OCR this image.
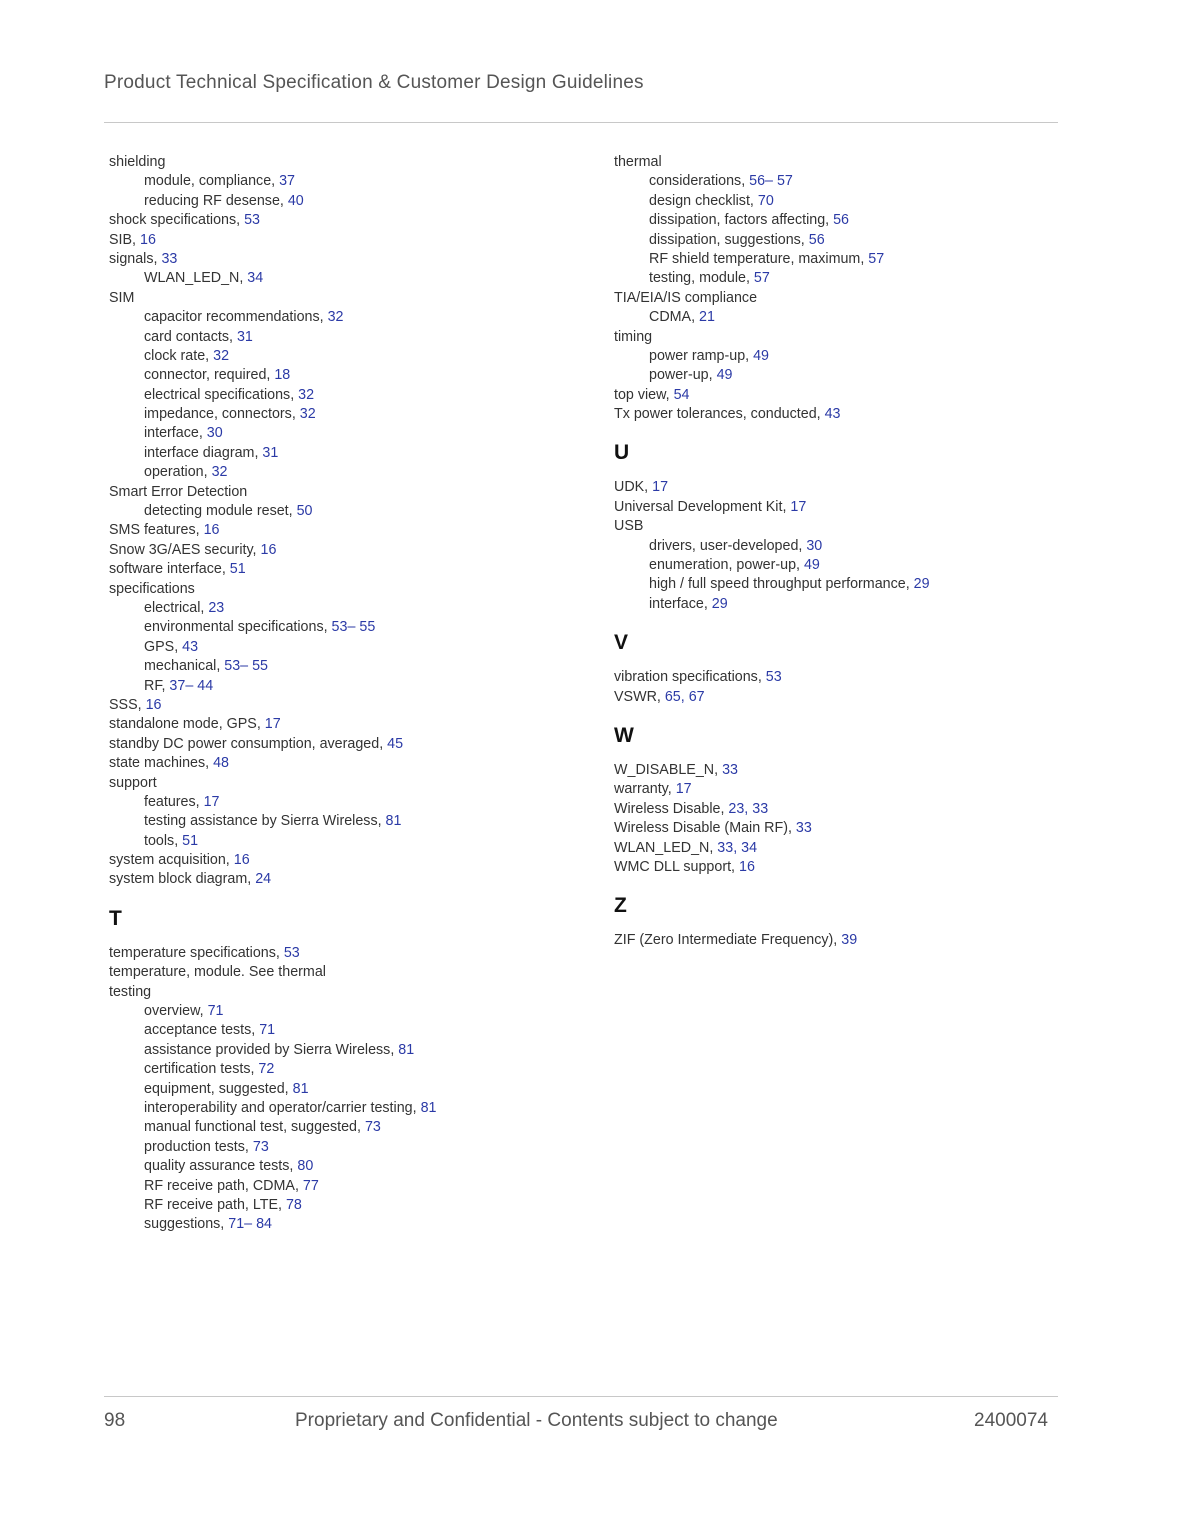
Product Technical Specification & Customer Design Guidelines
shielding
module, compliance, 37
reducing RF desense, 40
shock specifications, 53
SIB, 16
signals, 33
WLAN_LED_N, 34
SIM
capacitor recommendations, 32
card contacts, 31
clock rate, 32
connector, required, 18
electrical specifications, 32
impedance, connectors, 32
interface, 30
interface diagram, 31
operation, 32
Smart Error Detection
detecting module reset, 50
SMS features, 16
Snow 3G/AES security, 16
software interface, 51
specifications
electrical, 23
environmental specifications, 53– 55
GPS, 43
mechanical, 53– 55
RF, 37– 44
SSS, 16
standalone mode, GPS, 17
standby DC power consumption, averaged, 45
state machines, 48
support
features, 17
testing assistance by Sierra Wireless, 81
tools, 51
system acquisition, 16
system block diagram, 24
T
temperature specifications, 53
temperature, module. See thermal
testing
overview, 71
acceptance tests, 71
assistance provided by Sierra Wireless, 81
certification tests, 72
equipment, suggested, 81
interoperability and operator/carrier testing, 81
manual functional test, suggested, 73
production tests, 73
quality assurance tests, 80
RF receive path, CDMA, 77
RF receive path, LTE, 78
suggestions, 71– 84
thermal
considerations, 56– 57
design checklist, 70
dissipation, factors affecting, 56
dissipation, suggestions, 56
RF shield temperature, maximum, 57
testing, module, 57
TIA/EIA/IS compliance
CDMA, 21
timing
power ramp-up, 49
power-up, 49
top view, 54
Tx power tolerances, conducted, 43
U
UDK, 17
Universal Development Kit, 17
USB
drivers, user-developed, 30
enumeration, power-up, 49
high / full speed throughput performance, 29
interface, 29
V
vibration specifications, 53
VSWR, 65, 67
W
W_DISABLE_N, 33
warranty, 17
Wireless Disable, 23, 33
Wireless Disable (Main RF), 33
WLAN_LED_N, 33, 34
WMC DLL support, 16
Z
ZIF (Zero Intermediate Frequency), 39
98	Proprietary and Confidential - Contents subject to change	2400074
